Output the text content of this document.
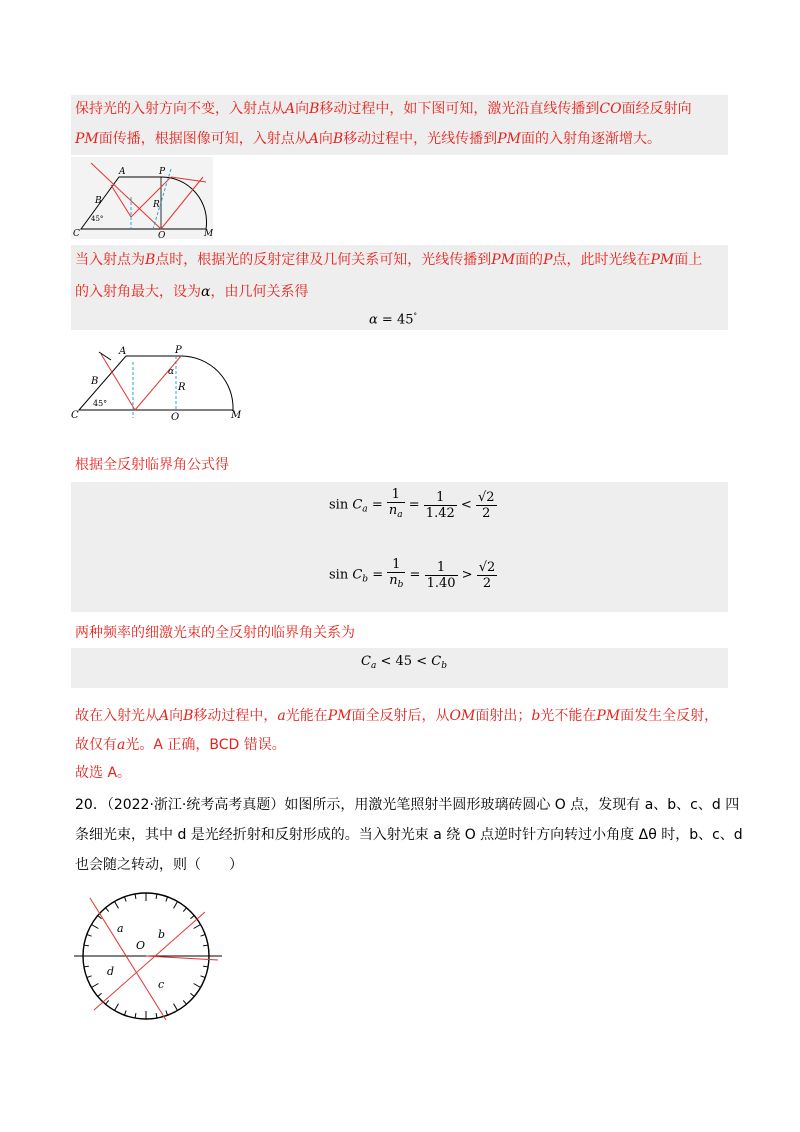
保持光的入射方向不变，入射点从A向B移动过程中，如下图可知，激光沿直线传播到CO面经反射向
PM面传播，根据图像可知，入射点从A向B移动过程中，光线传播到PM面的入射角逐渐增大。
A
B
P
R
C	O	M
45°
当入射点为B点时，根据光的反射定律及几何关系可知，光线传播到PM面的P点，此时光线在PM面上
的入射角最大，设为α，由几何关系得
α = 45°
A	P
B
α
R
C	O	M
45°
根据全反射临界角公式得
$\sin C_a = \frac{1}{n_a} = \frac{1}{1.42} < \frac{√2}{2}$
$\sin C_b = \frac{1}{n_b} = \frac{1}{1.40} > \frac{√2}{2}$
两种频率的细激光束的全反射的临界角关系为
$C_a < 45 < C_b$
故在入射光从A向B移动过程中，a光能在PM面全反射后，从OM面射出；b光不能在PM面发生全反射，
故仅有a光。A 正确，BCD 错误。
故选 A。
20．（2022·浙江·统考高考真题）如图所示，用激光笔照射半圆形玻璃砖圆心 O 点，发现有 a、b、c、d 四
条细光束，其中 d 是光经折射和反射形成的。当入射光束 a 绕 O 点逆时针方向转过小角度 Δθ 时，b、c、d
也会随之转动，则（　　）
a
O
b
d
c
